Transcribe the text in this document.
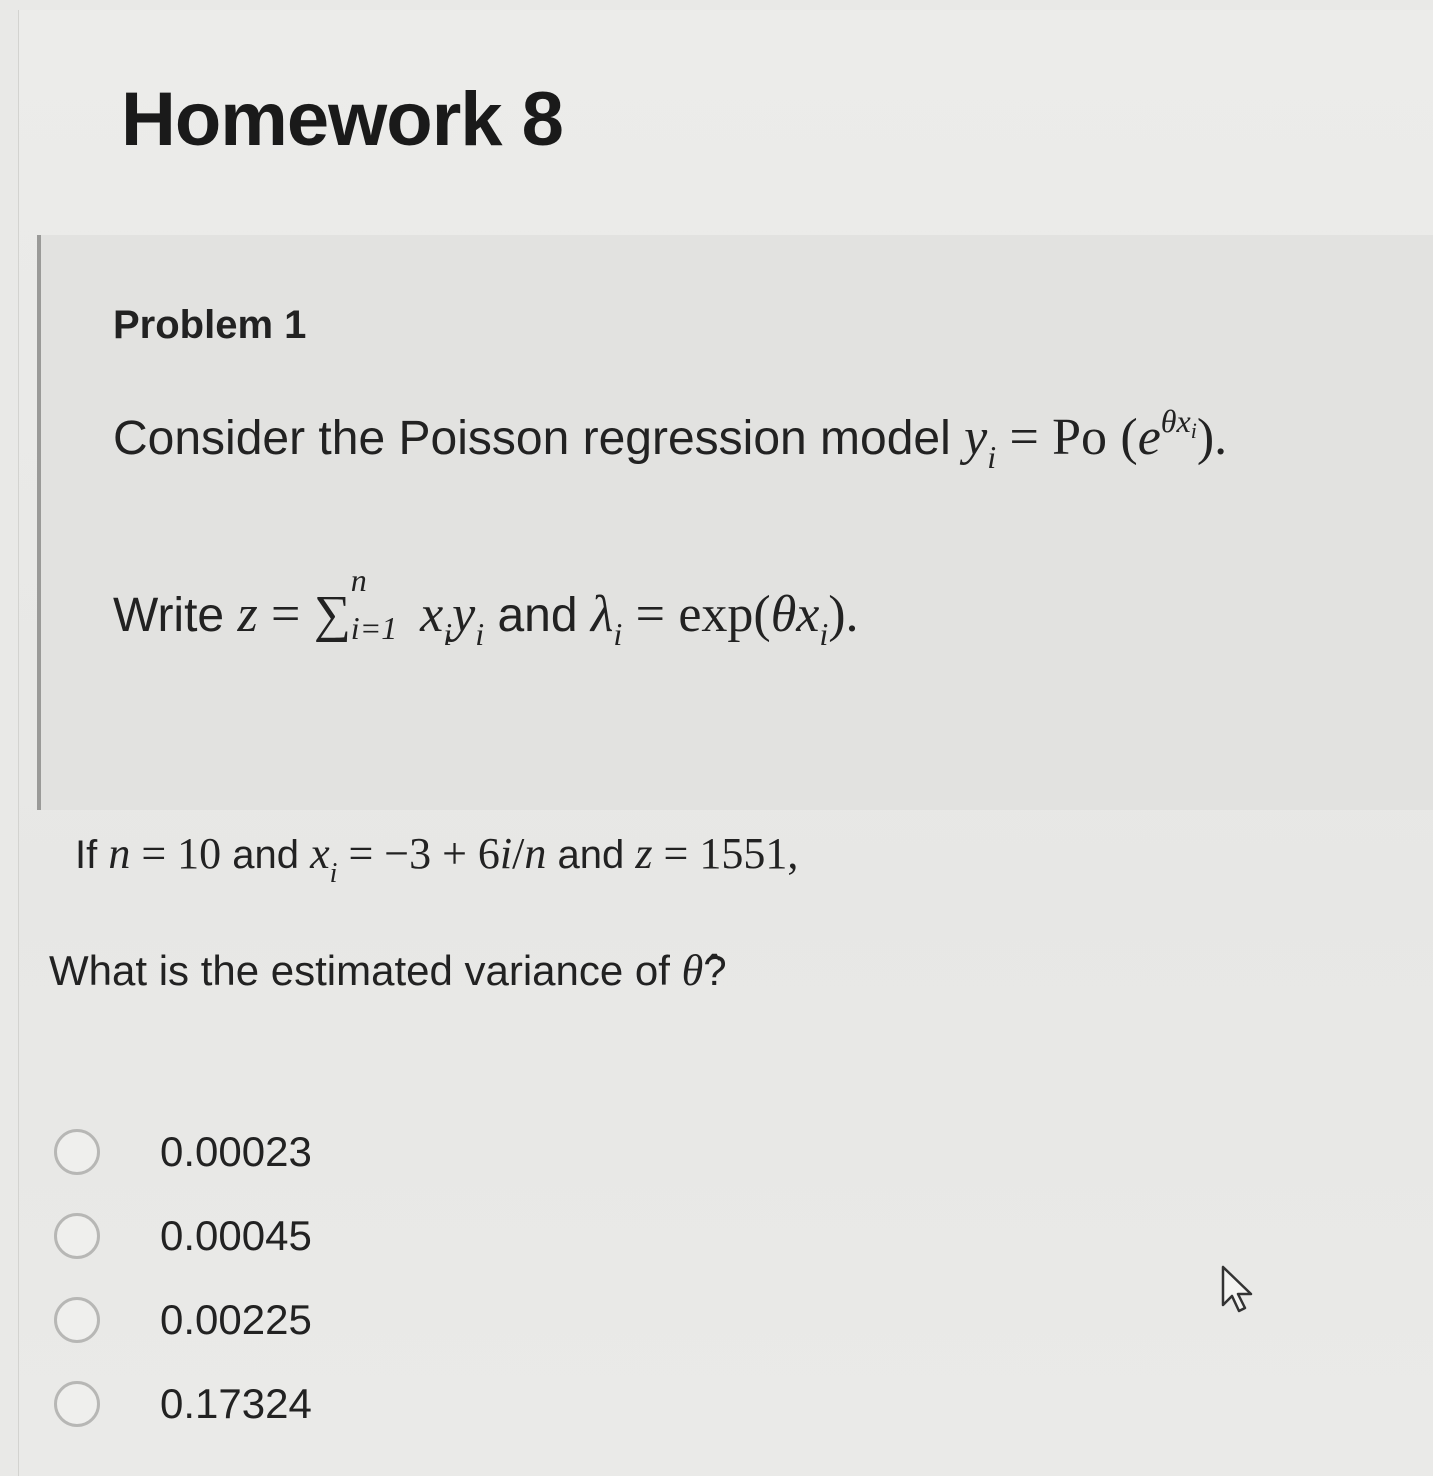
Homework 8
Problem 1
Consider the Poisson regression model $y_i = Po$ $(e^{\theta x_i})$.
Write z = ∑
n
i=1 $x_iy_i$ and $\lambda_i = \exp(\theta x_i)$.
If n = 10 and $x_i = -3 + 6i/n$ and z = 1551,
What is the estimated variance of θ̂?
0.00023
0.00045
0.00225
0.17324
